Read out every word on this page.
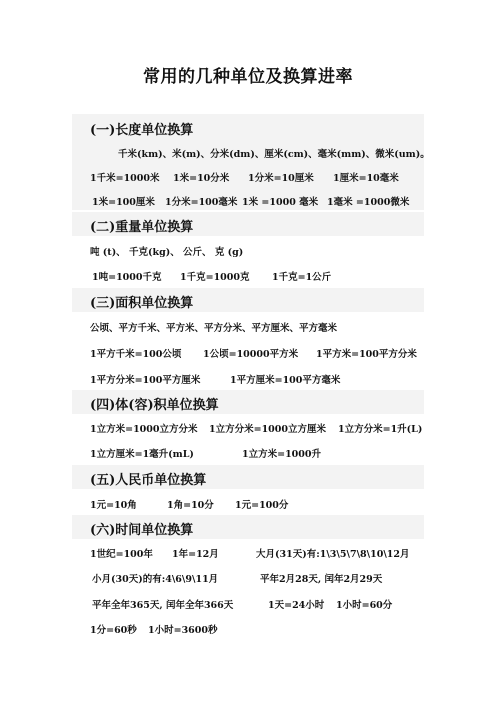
常用的几种单位及换算进率
(一)长度单位换算
千米(km)、米(m)、分米(dm)、厘米(cm)、毫米(mm)、微米(um)。
1千米=1000米 1米=10分米 1分米=10厘米 1厘米=10毫米
1米=100厘米 1分米=100毫米 1米 =1000 毫米 1毫米 =1000微米
(二)重量单位换算
吨 (t)、 千克(kg)、 公斤、 克 (g)
1吨=1000千克 1千克=1000克 1千克=1公斤
(三)面积单位换算
公顷、平方千米、平方米、平方分米、平方厘米、平方毫米
1平方千米=100公顷 1公顷=10000平方米 1平方米=100平方分米
1平方分米=100平方厘米	1平方厘米=100平方毫米
(四)体(容)积单位换算
1立方米=1000立方分米 1立方分米=1000立方厘米 1立方分米=1升(L)
1立方厘米=1毫升(mL)	1立方米=1000升
(五)人民币单位换算
1元=10角	1角=10分 1元=100分
(六)时间单位换算
1世纪=100年 1年=12月	大月(31天)有:1\3\5\7\8\10\12月
小月(30天)的有:4\6\9\11月	平年2月28天, 闰年2月29天
平年全年365天, 闰年全年366天	1天=24小时 1小时=60分
1分=60秒 1小时=3600秒
